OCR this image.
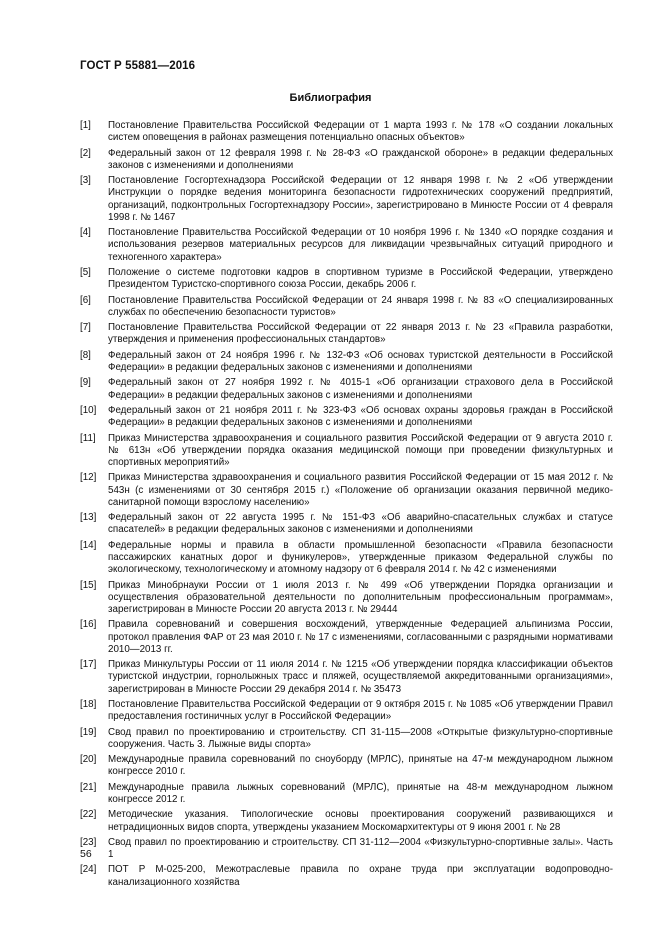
ГОСТ Р 55881—2016
Библиография
[1]	Постановление Правительства Российской Федерации от 1 марта 1993 г. № 178 «О создании локальных систем оповещения в районах размещения потенциально опасных объектов»
[2]	Федеральный закон от 12 февраля 1998 г. № 28-ФЗ «О гражданской обороне» в редакции федеральных законов с изменениями и дополнениями
[3]	Постановление Госгортехнадзора Российской Федерации от 12 января 1998 г. № 2 «Об утверждении Инструкции о порядке ведения мониторинга безопасности гидротехнических сооружений предприятий, организаций, подконтрольных Госгортехнадзору России», зарегистрировано в Минюсте России от 4 февраля 1998 г. № 1467
[4]	Постановление Правительства Российской Федерации от 10 ноября 1996 г. № 1340 «О порядке создания и использования резервов материальных ресурсов для ликвидации чрезвычайных ситуаций природного и техногенного характера»
[5]	Положение о системе подготовки кадров в спортивном туризме в Российской Федерации, утверждено Президентом Туристско-спортивного союза России, декабрь 2006 г.
[6]	Постановление Правительства Российской Федерации от 24 января 1998 г. № 83 «О специализированных службах по обеспечению безопасности туристов»
[7]	Постановление Правительства Российской Федерации от 22 января 2013 г. № 23 «Правила разработки, утверждения и применения профессиональных стандартов»
[8]	Федеральный закон от 24 ноября 1996 г. № 132-ФЗ «Об основах туристской деятельности в Российской Федерации» в редакции федеральных законов с изменениями и дополнениями
[9]	Федеральный закон от 27 ноября 1992 г. № 4015-1 «Об организации страхового дела в Российской Федерации» в редакции федеральных законов с изменениями и дополнениями
[10]	Федеральный закон от 21 ноября 2011 г. № 323-ФЗ «Об основах охраны здоровья граждан в Российской Федерации» в редакции федеральных законов с изменениями и дополнениями
[11]	Приказ Министерства здравоохранения и социального развития Российской Федерации от 9 августа 2010 г. № 613н «Об утверждении порядка оказания медицинской помощи при проведении физкультурных и спортивных мероприятий»
[12]	Приказ Министерства здравоохранения и социального развития Российской Федерации от 15 мая 2012 г. № 543н (с изменениями от 30 сентября 2015 г.) «Положение об организации оказания первичной медико-санитарной помощи взрослому населению»
[13]	Федеральный закон от 22 августа 1995 г. № 151-ФЗ «Об аварийно-спасательных службах и статусе спасателей» в редакции федеральных законов с изменениями и дополнениями
[14]	Федеральные нормы и правила в области промышленной безопасности «Правила безопасности пассажирских канатных дорог и фуникулеров», утвержденные приказом Федеральной службы по экологическому, технологическому и атомному надзору от 6 февраля 2014 г. № 42 с изменениями
[15]	Приказ Минобрнауки России от 1 июля 2013 г. № 499 «Об утверждении Порядка организации и осуществления образовательной деятельности по дополнительным профессиональным программам», зарегистрирован в Минюсте России 20 августа 2013 г. № 29444
[16]	Правила соревнований и совершения восхождений, утвержденные Федерацией альпинизма России, протокол правления ФАР от 23 мая 2010 г. № 17 с изменениями, согласованными с разрядными нормативами 2010—2013 гг.
[17]	Приказ Минкультуры России от 11 июля 2014 г. № 1215 «Об утверждении порядка классификации объектов туристской индустрии, горнолыжных трасс и пляжей, осуществляемой аккредитованными организациями», зарегистрирован в Минюсте России 29 декабря 2014 г. № 35473
[18]	Постановление Правительства Российской Федерации от 9 октября 2015 г. № 1085 «Об утверждении Правил предоставления гостиничных услуг в Российской Федерации»
[19]	Свод правил по проектированию и строительству. СП 31-115—2008 «Открытые физкультурно-спортивные сооружения. Часть 3. Лыжные виды спорта»
[20]	Международные правила соревнований по сноуборду (МРЛС), принятые на 47-м международном лыжном конгрессе 2010 г.
[21]	Международные правила лыжных соревнований (МРЛС), принятые на 48-м международном лыжном конгрессе 2012 г.
[22]	Методические указания. Типологические основы проектирования сооружений развивающихся и нетрадиционных видов спорта, утверждены указанием Москомархитектуры от 9 июня 2001 г. № 28
[23]	Свод правил по проектированию и строительству. СП 31-112—2004 «Физкультурно-спортивные залы». Часть 1
[24]	ПОТ Р М-025-200, Межотраслевые правила по охране труда при эксплуатации водопроводно-канализационного хозяйства
56
